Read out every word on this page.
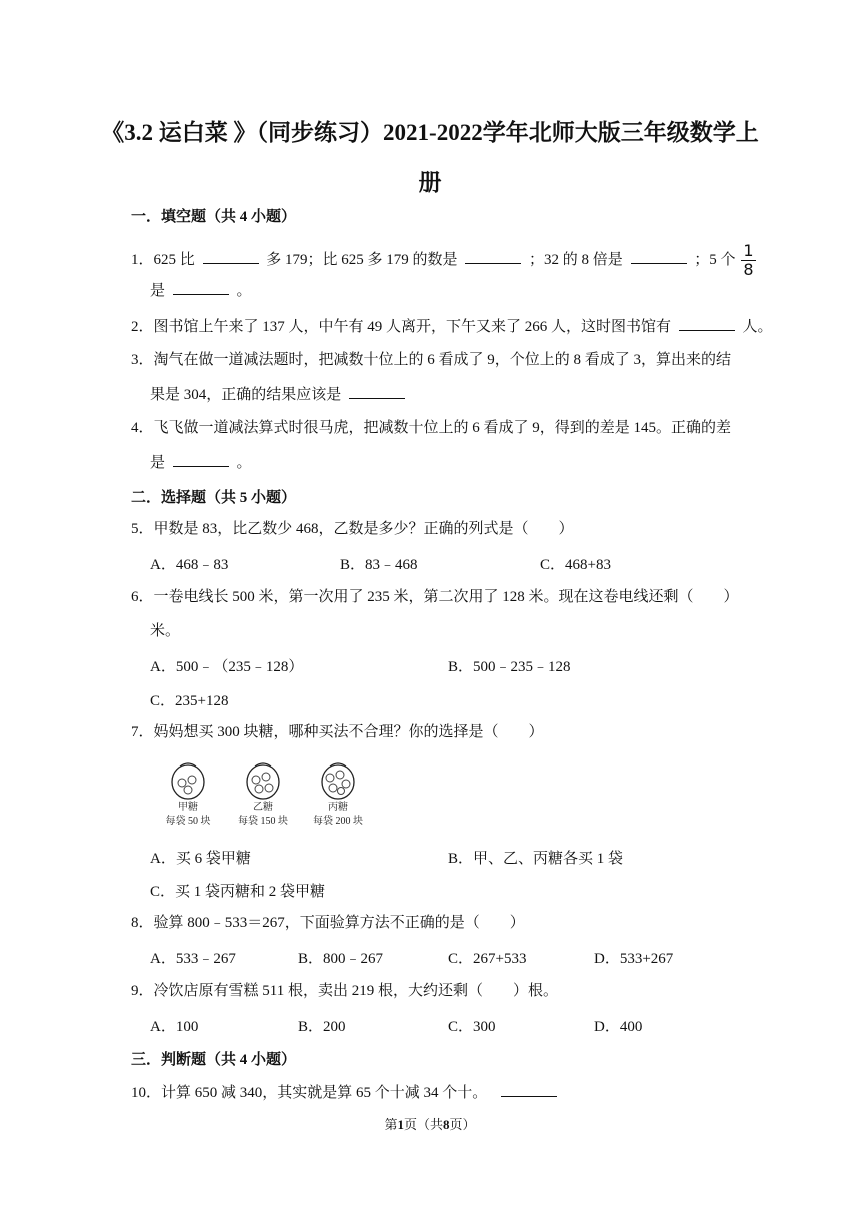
《3.2 运白菜 》（同步练习）2021-2022学年北师大版三年级数学上册
一．填空题（共 4 小题）
1．625 比	多 179；比 625 多 179 的数是	；32 的 8 倍是	；5 个 $\frac{1}{8}$
是	。
2．图书馆上午来了 137 人，中午有 49 人离开，下午又来了 266 人，这时图书馆有	人。
3．淘气在做一道减法题时，把减数十位上的 6 看成了 9，个位上的 8 看成了 3，算出来的结
果是 304，正确的结果应该是
4．飞飞做一道减法算式时很马虎，把减数十位上的 6 看成了 9，得到的差是 145。正确的差
是	。
二．选择题（共 5 小题）
5．甲数是 83，比乙数少 468，乙数是多少？正确的列式是（　　）
A．468﹣83	B．83﹣468	C．468+83
6．一卷电线长 500 米，第一次用了 235 米，第二次用了 128 米。现在这卷电线还剩（　　）
米。
A．500﹣（235﹣128）	B．500﹣235﹣128
C．235+128
7．妈妈想买 300 块糖，哪种买法不合理？你的选择是（　　）
甲糖
每袋 50 块
乙糖
每袋 150 块
丙糖
每袋 200 块
A．买 6 袋甲糖	B．甲、乙、丙糖各买 1 袋
C．买 1 袋丙糖和 2 袋甲糖
8．验算 800﹣533＝267，下面验算方法不正确的是（　　）
A．533﹣267	B．800﹣267	C．267+533	D．533+267
9．冷饮店原有雪糕 511 根，卖出 219 根，大约还剩（　　）根。
A．100	B．200	C．300	D．400
三．判断题（共 4 小题）
10．计算 650 减 340，其实就是算 65 个十减 34 个十。
第1页（共8页）
